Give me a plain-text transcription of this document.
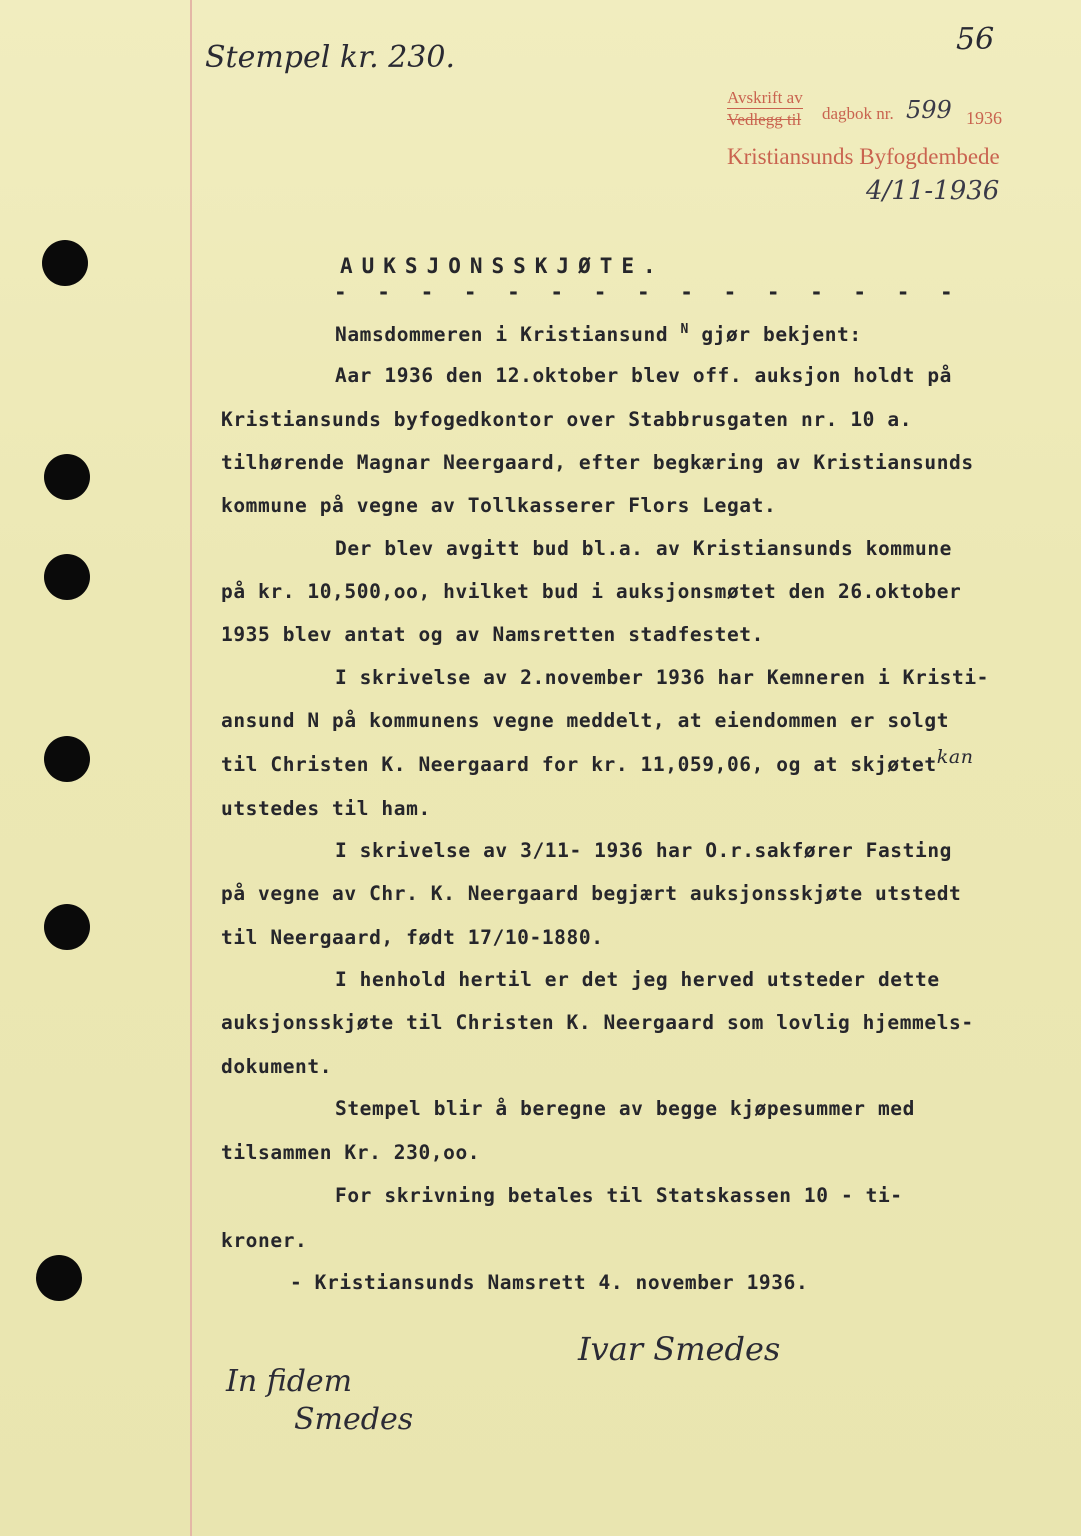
Stempel kr. 230.
56
Avskrift av
Vedlegg til dagbok nr. 599 1936
Kristiansunds Byfogdembede
4/11-1936
AUKSJONSSKJØTE.
- - - - - - - - - - - - - - -
Namsdommeren i Kristiansund $^N$ gjør bekjent:
Aar 1936 den 12.oktober blev off. auksjon holdt på
Kristiansunds byfogedkontor over Stabbrusgaten nr. 10 a.
tilhørende Magnar Neergaard, efter begkæring av Kristiansunds
kommune på vegne av Tollkasserer Flors Legat.
Der blev avgitt bud bl.a. av Kristiansunds kommune
på kr. 10,500,oo, hvilket bud i auksjonsmøtet den 26.oktober
1935 blev antat og av Namsretten stadfestet.
I skrivelse av 2.november 1936 har Kemneren i Kristi-
ansund N på kommunens vegne meddelt, at eiendommen er solgt
til Christen K. Neergaard for kr. 11,059,06, og at skjøtetkan
utstedes til ham.
I skrivelse av 3/11- 1936 har O.r.sakfører Fasting
på vegne av Chr. K. Neergaard begjært auksjonsskjøte utstedt
til Neergaard, født 17/10-1880.
I henhold hertil er det jeg herved utsteder dette
auksjonsskjøte til Christen K. Neergaard som lovlig hjemmels-
dokument.
Stempel blir å beregne av begge kjøpesummer med
tilsammen Kr. 230,oo.
For skrivning betales til Statskassen 10 - ti-
kroner.
- Kristiansunds Namsrett 4. november 1936.
Ivar Smedes
In fidem
Smedes
